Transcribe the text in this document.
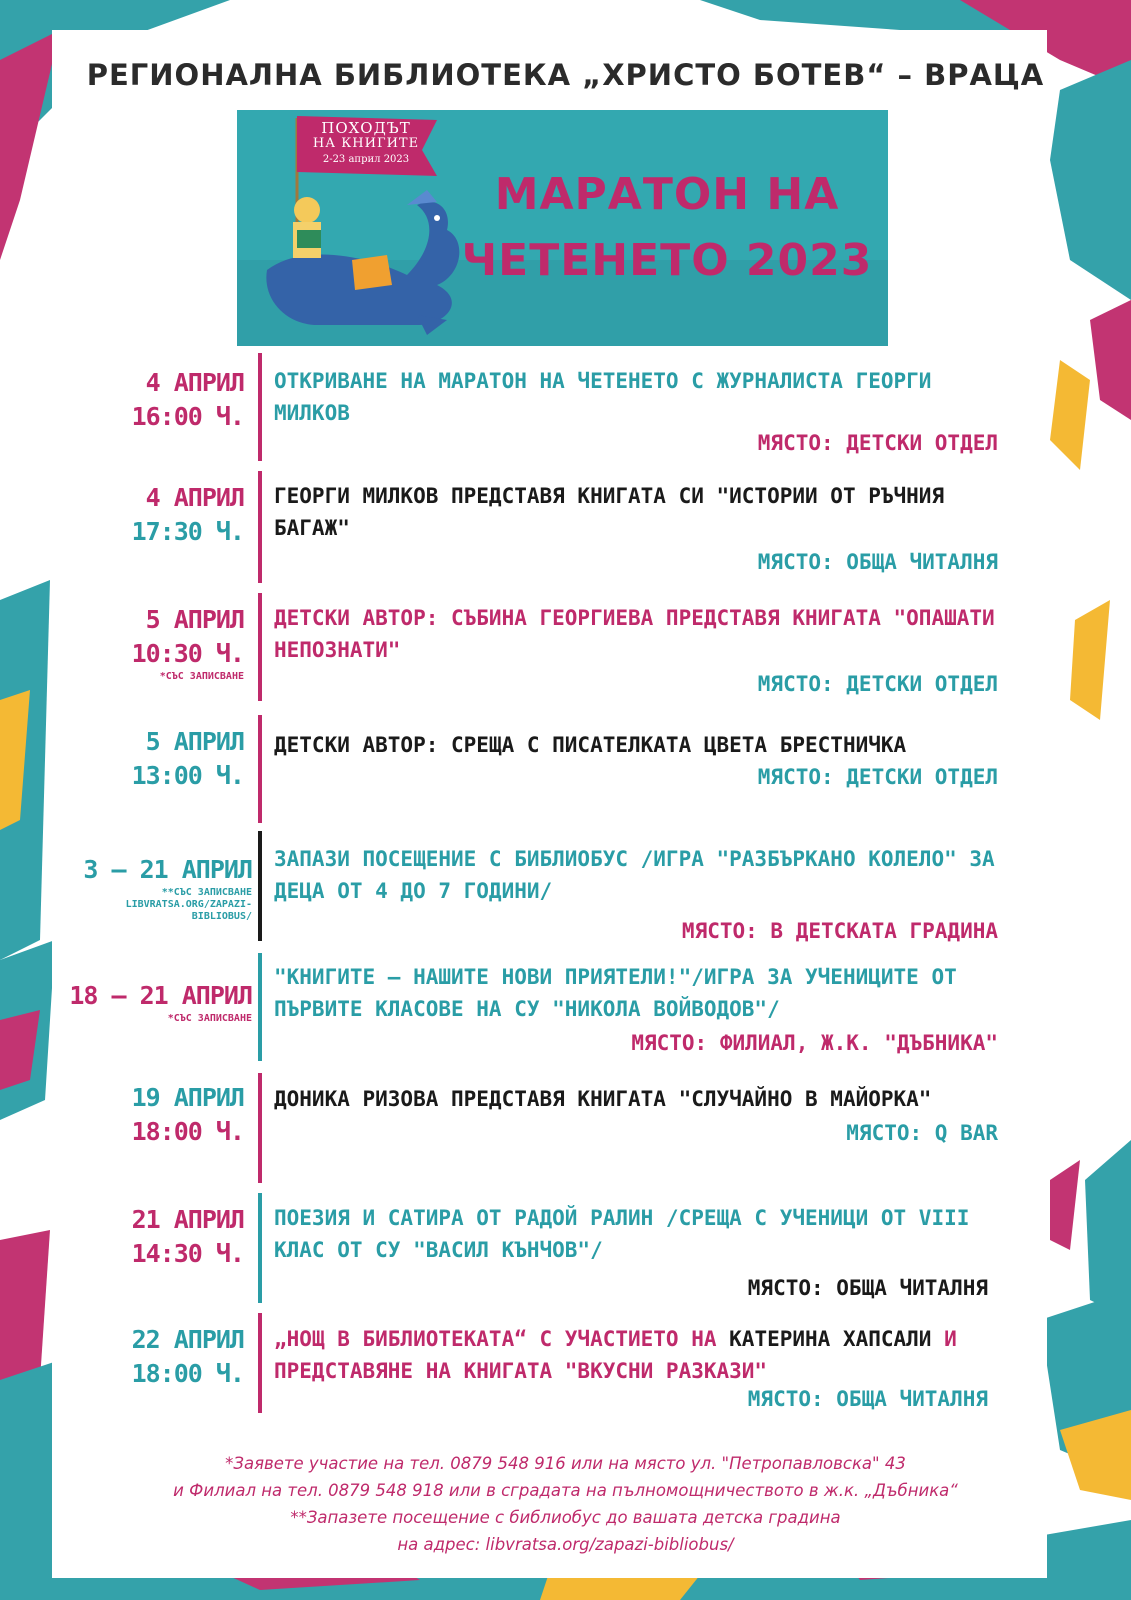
РЕГИОНАЛНА БИБЛИОТЕКА „ХРИСТО БОТЕВ“ – ВРАЦА
ПОХОДЪТ
НА КНИГИТЕ
2-23 април 2023
МАРАТОН НА
ЧЕТЕНЕТО 2023
4 АПРИЛ
16:00 Ч.
ОТКРИВАНЕ НА МАРАТОН НА ЧЕТЕНЕТО С ЖУРНАЛИСТА ГЕОРГИ МИЛКОВ
МЯСТО: ДЕТСКИ ОТДЕЛ
4 АПРИЛ
17:30 Ч.
ГЕОРГИ МИЛКОВ ПРЕДСТАВЯ КНИГАТА СИ "ИСТОРИИ ОТ РЪЧНИЯ БАГАЖ"
МЯСТО: ОБЩА ЧИТАЛНЯ
5 АПРИЛ
10:30 Ч.
*СЪС ЗАПИСВАНЕ
ДЕТСКИ АВТОР: СЪБИНА ГЕОРГИЕВА ПРЕДСТАВЯ КНИГАТА "ОПАШАТИ НЕПОЗНАТИ"
МЯСТО: ДЕТСКИ ОТДЕЛ
5 АПРИЛ
13:00 Ч.
ДЕТСКИ АВТОР: СРЕЩА С ПИСАТЕЛКАТА ЦВЕТА БРЕСТНИЧКА
МЯСТО: ДЕТСКИ ОТДЕЛ
3 – 21 АПРИЛ
**СЪС ЗАПИСВАНЕ LIBVRATSA.ORG/ZAPAZI-BIBLIOBUS/
ЗАПАЗИ ПОСЕЩЕНИЕ С БИБЛИОБУС /ИГРА "РАЗБЪРКАНО КОЛЕЛО" ЗА ДЕЦА ОТ 4 ДО 7 ГОДИНИ/
МЯСТО: В ДЕТСКАТА ГРАДИНА
18 – 21 АПРИЛ
*СЪС ЗАПИСВАНЕ
"КНИГИТЕ – НАШИТЕ НОВИ ПРИЯТЕЛИ!"/ИГРА ЗА УЧЕНИЦИТЕ ОТ ПЪРВИТЕ КЛАСОВЕ НА СУ "НИКОЛА ВОЙВОДОВ"/
МЯСТО: ФИЛИАЛ, Ж.К. "ДЪБНИКА"
19 АПРИЛ
18:00 Ч.
ДОНИКА РИЗОВА ПРЕДСТАВЯ КНИГАТА "СЛУЧАЙНО В МАЙОРКА"
МЯСТО: Q BAR
21 АПРИЛ
14:30 Ч.
ПОЕЗИЯ И САТИРА ОТ РАДОЙ РАЛИН /СРЕЩА С УЧЕНИЦИ ОТ VIII КЛАС ОТ СУ "ВАСИЛ КЪНЧОВ"/
МЯСТО: ОБЩА ЧИТАЛНЯ
22 АПРИЛ
18:00 Ч.
„НОЩ В БИБЛИОТЕКАТА“ С УЧАСТИЕТО НА КАТЕРИНА ХАПСАЛИ И ПРЕДСТАВЯНЕ НА КНИГАТА "ВКУСНИ РАЗКАЗИ"
МЯСТО: ОБЩА ЧИТАЛНЯ
*Заявете участие на тел. 0879 548 916 или на място ул. "Петропавловска" 43
и Филиал на тел. 0879 548 918 или в сградата на пълномощничеството в ж.к. „Дъбника“
**Запазете посещение с библиобус до вашата детска градина
на адрес: libvratsa.org/zapazi-bibliobus/
